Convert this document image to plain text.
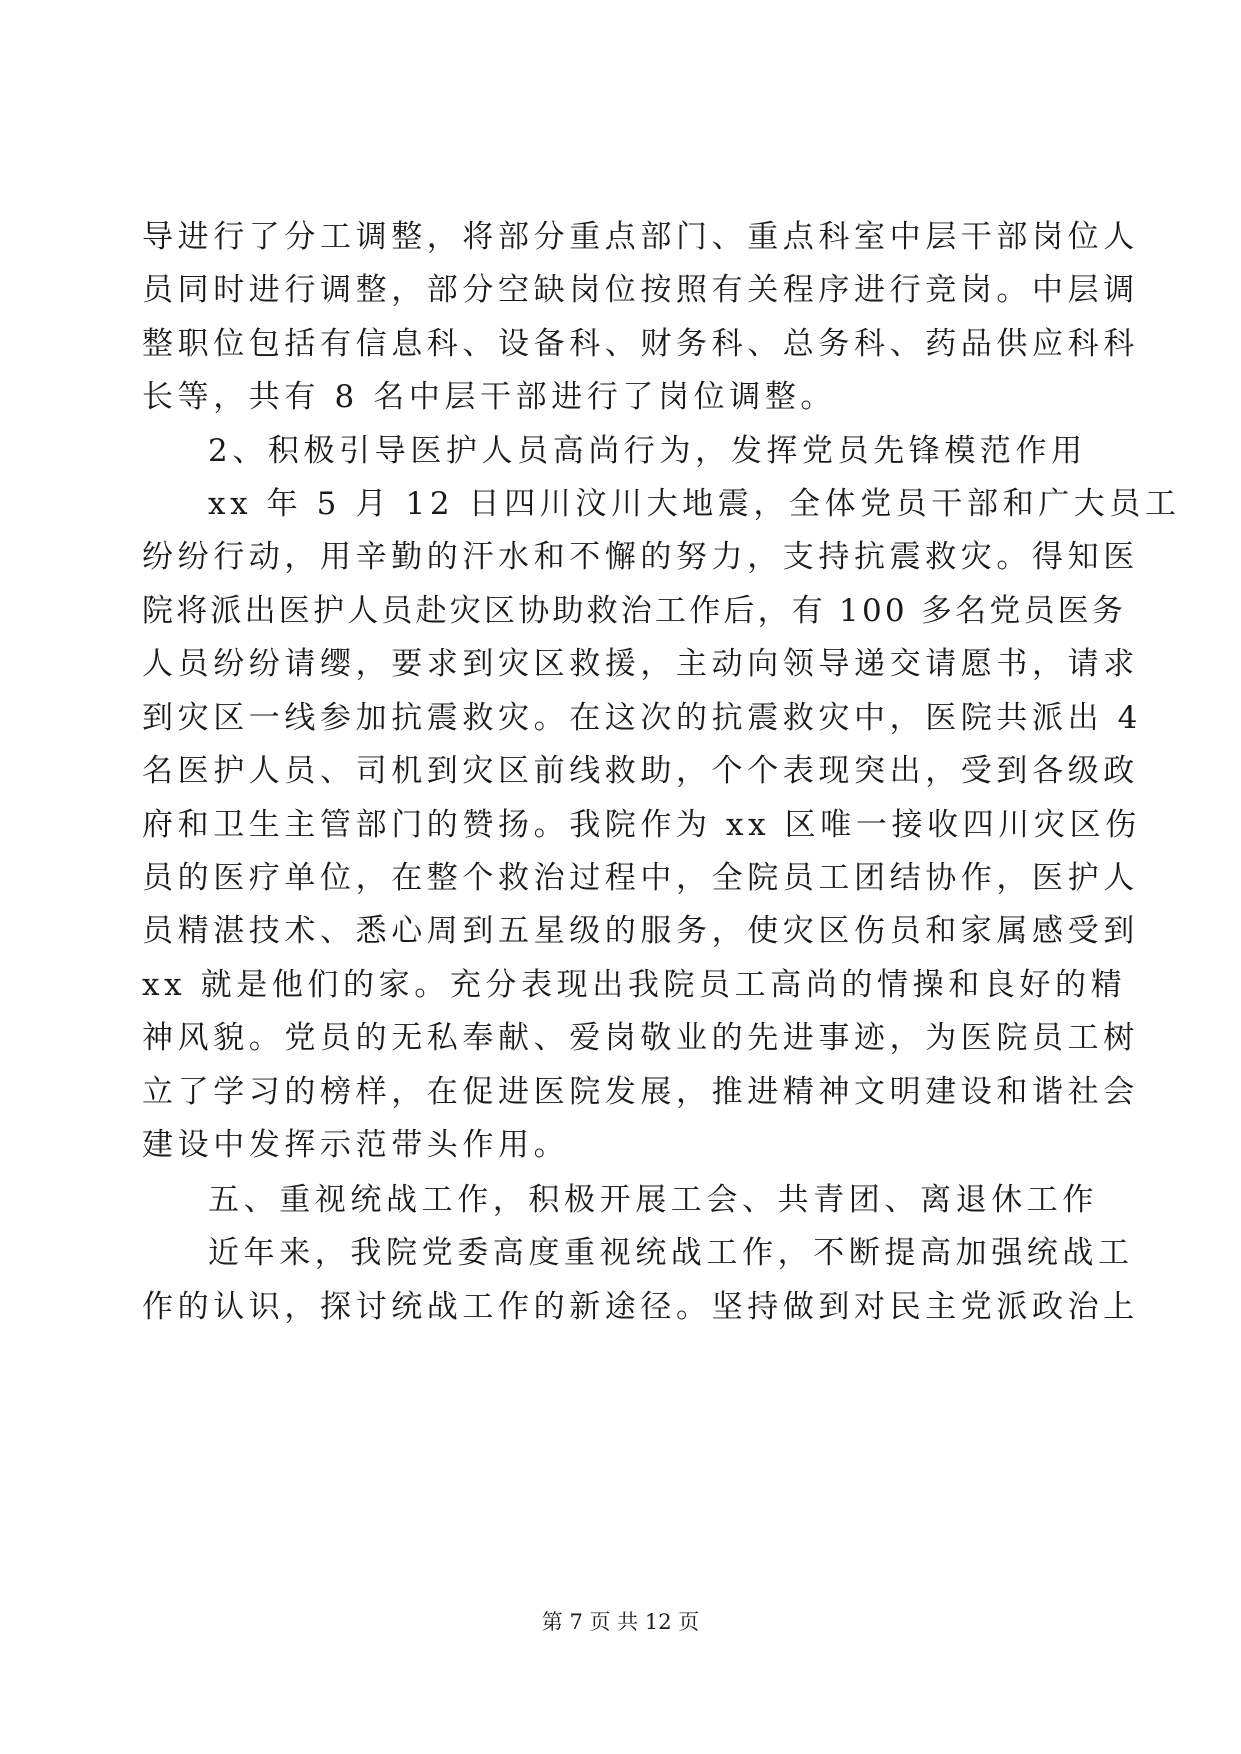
导进行了分工调整，将部分重点部门、重点科室中层干部岗位人
员同时进行调整，部分空缺岗位按照有关程序进行竞岗。中层调
整职位包括有信息科、设备科、财务科、总务科、药品供应科科
长等，共有 8 名中层干部进行了岗位调整。
2、积极引导医护人员高尚行为，发挥党员先锋模范作用
xx 年 5 月 12 日四川汶川大地震，全体党员干部和广大员工
纷纷行动，用辛勤的汗水和不懈的努力，支持抗震救灾。得知医
院将派出医护人员赴灾区协助救治工作后，有 100 多名党员医务
人员纷纷请缨，要求到灾区救援，主动向领导递交请愿书，请求
到灾区一线参加抗震救灾。在这次的抗震救灾中，医院共派出 4
名医护人员、司机到灾区前线救助，个个表现突出，受到各级政
府和卫生主管部门的赞扬。我院作为 xx 区唯一接收四川灾区伤
员的医疗单位，在整个救治过程中，全院员工团结协作，医护人
员精湛技术、悉心周到五星级的服务，使灾区伤员和家属感受到
xx 就是他们的家。充分表现出我院员工高尚的情操和良好的精
神风貌。党员的无私奉献、爱岗敬业的先进事迹，为医院员工树
立了学习的榜样，在促进医院发展，推进精神文明建设和谐社会
建设中发挥示范带头作用。
五、重视统战工作，积极开展工会、共青团、离退休工作
近年来，我院党委高度重视统战工作，不断提高加强统战工
作的认识，探讨统战工作的新途径。坚持做到对民主党派政治上
第 7 页 共 12 页
